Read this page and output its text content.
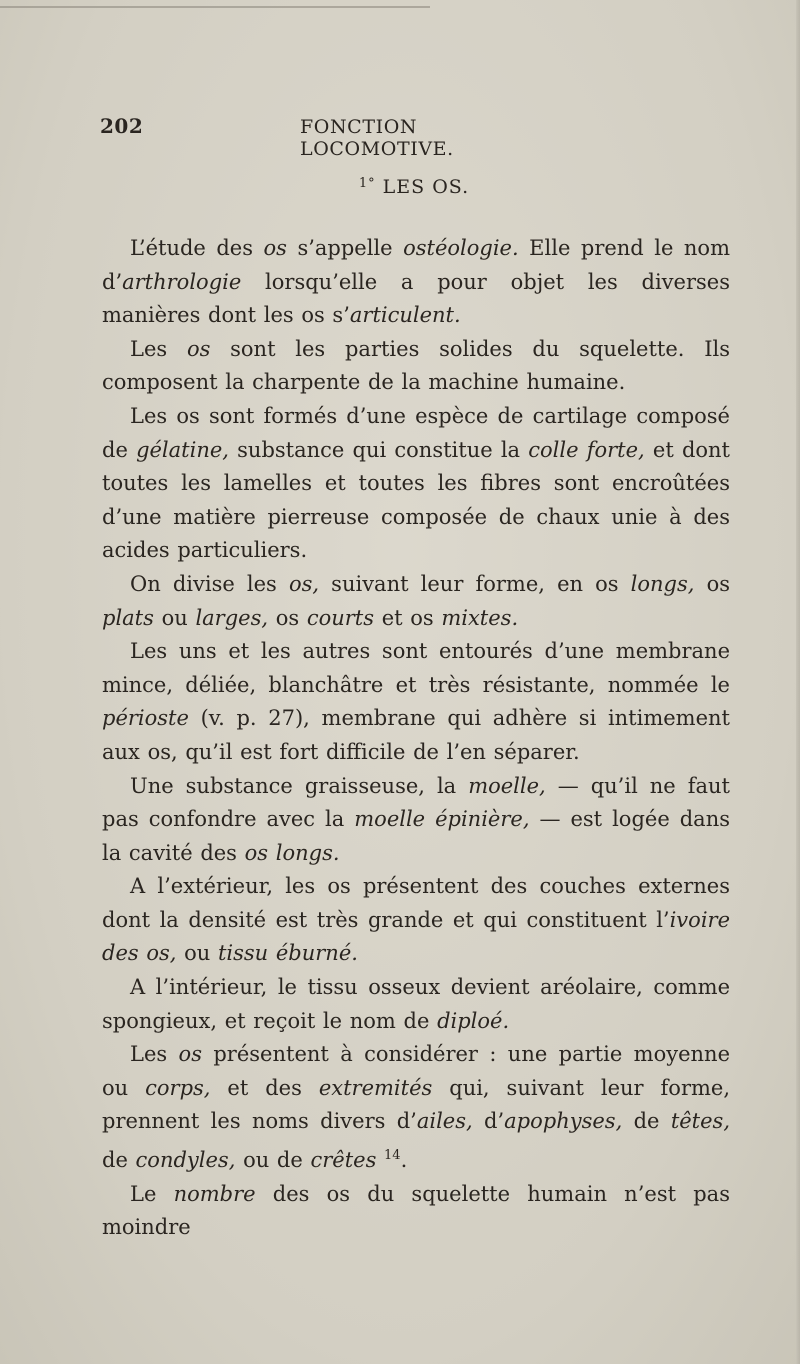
202	FONCTION LOCOMOTIVE.
$^{1^\circ}$ LES OS.

L’étude des os s’appelle ostéologie. Elle prend le nom d’arthrologie lorsqu’elle a pour objet les diverses manières dont les os s’articulent.

Les os sont les parties solides du squelette. Ils composent la charpente de la machine humaine.

Les os sont formés d’une espèce de cartilage composé de gélatine, substance qui constitue la colle forte, et dont toutes les lamelles et toutes les fibres sont encroûtées d’une matière pierreuse composée de chaux unie à des acides particuliers.

On divise les os, suivant leur forme, en os longs, os plats ou larges, os courts et os mixtes.

Les uns et les autres sont entourés d’une membrane mince, déliée, blanchâtre et très résistante, nommée le périoste (v. p. 27), membrane qui adhère si intimement aux os, qu’il est fort difficile de l’en séparer.

Une substance graisseuse, la moelle, — qu’il ne faut pas confondre avec la moelle épinière, — est logée dans la cavité des os longs.

A l’extérieur, les os présentent des couches externes dont la densité est très grande et qui constituent l’ivoire des os, ou tissu éburné.

A l’intérieur, le tissu osseux devient aréolaire, comme spongieux, et reçoit le nom de diploé.

Les os présentent à considérer : une partie moyenne ou corps, et des extremités qui, suivant leur forme, prennent les noms divers d’ailes, d’apophyses, de têtes, de condyles, ou de crêtes $^{14}$.

Le nombre des os du squelette humain n’est pas moindre
